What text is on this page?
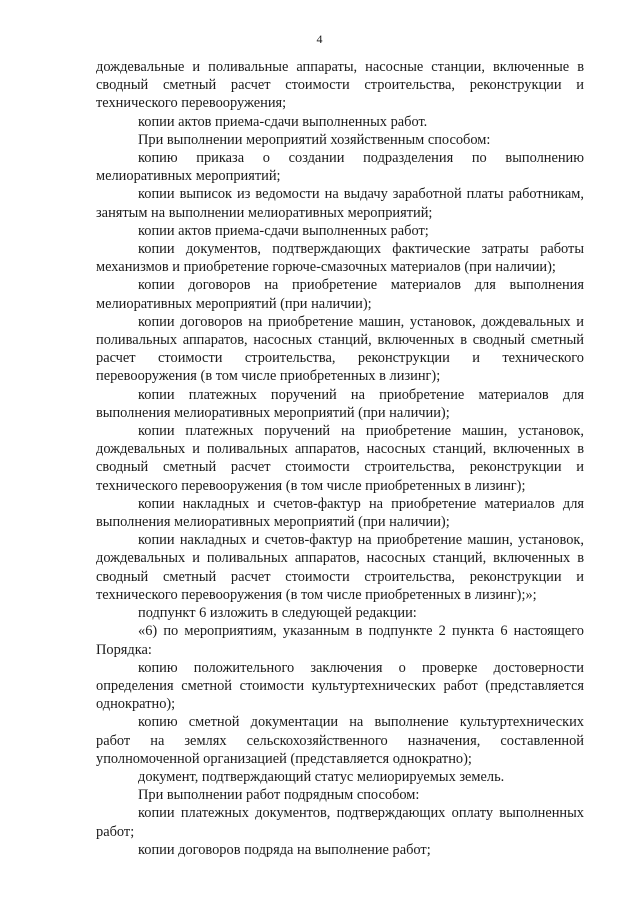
4

дождевальные и поливальные аппараты, насосные станции, включенные в сводный сметный расчет стоимости строительства, реконструкции и технического перевооружения;

копии актов приема-сдачи выполненных работ.

При выполнении мероприятий хозяйственным способом:

копию приказа о создании подразделения по выполнению мелиоративных мероприятий;

копии выписок из ведомости на выдачу заработной платы работникам, занятым на выполнении мелиоративных мероприятий;

копии актов приема-сдачи выполненных работ;

копии документов, подтверждающих фактические затраты работы механизмов и приобретение горюче-смазочных материалов (при наличии);

копии договоров на приобретение материалов для выполнения мелиоративных мероприятий (при наличии);

копии договоров на приобретение машин, установок, дождевальных и поливальных аппаратов, насосных станций, включенных в сводный сметный расчет стоимости строительства, реконструкции и технического перевооружения (в том числе приобретенных в лизинг);

копии платежных поручений на приобретение материалов для выполнения мелиоративных мероприятий (при наличии);

копии платежных поручений на приобретение машин, установок, дождевальных и поливальных аппаратов, насосных станций, включенных в сводный сметный расчет стоимости строительства, реконструкции и технического перевооружения (в том числе приобретенных в лизинг);

копии накладных и счетов-фактур на приобретение материалов для выполнения мелиоративных мероприятий (при наличии);

копии накладных и счетов-фактур на приобретение машин, установок, дождевальных и поливальных аппаратов, насосных станций, включенных в сводный сметный расчет стоимости строительства, реконструкции и технического перевооружения (в том числе приобретенных в лизинг);»;

подпункт 6 изложить в следующей редакции:

«6) по мероприятиям, указанным в подпункте 2 пункта 6 настоящего Порядка:

копию положительного заключения о проверке достоверности определения сметной стоимости культуртехнических работ (представляется однократно);

копию сметной документации на выполнение культуртехнических работ на землях сельскохозяйственного назначения, составленной уполномоченной организацией (представляется однократно);

документ, подтверждающий статус мелиорируемых земель.

При выполнении работ подрядным способом:

копии платежных документов, подтверждающих оплату выполненных работ;

копии договоров подряда на выполнение работ;
